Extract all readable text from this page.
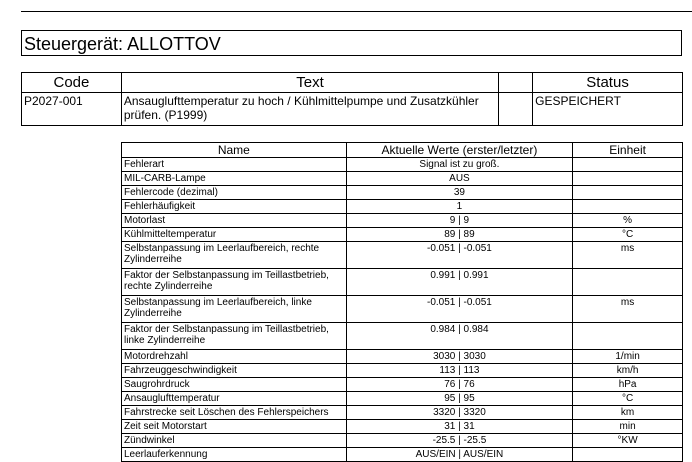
Steuergerät: ALLOTTOV
Code	Text		Status
P2027-001	Ansauglufttemperatur zu hoch / Kühlmittelpumpe und Zusatzkühler prüfen. (P1999)		GESPEICHERT
Name	Aktuelle Werte (erster/letzter)	Einheit
Fehlerart	Signal ist zu groß.	
MIL-CARB-Lampe	AUS	
Fehlercode (dezimal)	39	
Fehlerhäufigkeit	1	
Motorlast	9 | 9	%
Kühlmitteltemperatur	89 | 89	°C
Selbstanpassung im Leerlaufbereich, rechte Zylinderreihe	-0.051 | -0.051	ms
Faktor der Selbstanpassung im Teillastbetrieb, rechte Zylinderreihe	0.991 | 0.991	
Selbstanpassung im Leerlaufbereich, linke Zylinderreihe	-0.051 | -0.051	ms
Faktor der Selbstanpassung im Teillastbetrieb, linke Zylinderreihe	0.984 | 0.984	
Motordrehzahl	3030 | 3030	1/min
Fahrzeuggeschwindigkeit	113 | 113	km/h
Saugrohrdruck	76 | 76	hPa
Ansauglufttemperatur	95 | 95	°C
Fahrstrecke seit Löschen des Fehlerspeichers	3320 | 3320	km
Zeit seit Motorstart	31 | 31	min
Zündwinkel	-25.5 | -25.5	°KW
Leerlauferkennung	AUS/EIN | AUS/EIN	
